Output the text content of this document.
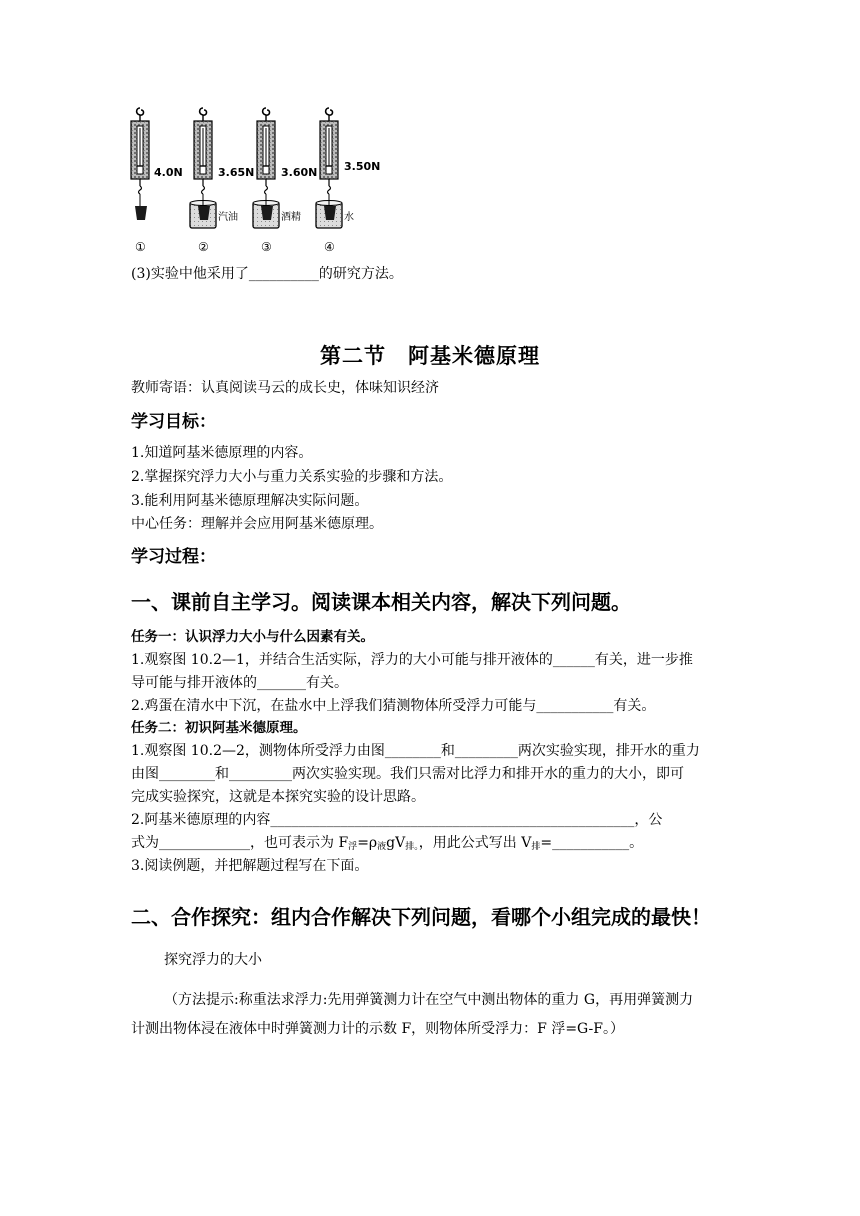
4.0N	3.65N 3.60N 3.50N
汽油	酒精	水
①	②	③	④
(3)实验中他采用了__________的研究方法。
第二节　阿基米德原理
教师寄语：认真阅读马云的成长史，体味知识经济
学习目标：
1.知道阿基米德原理的内容。
2.掌握探究浮力大小与重力关系实验的步骤和方法。
3.能利用阿基米德原理解决实际问题。
中心任务：理解并会应用阿基米德原理。
学习过程：
一、课前自主学习。阅读课本相关内容，解决下列问题。
任务一：认识浮力大小与什么因素有关。
1.观察图 10.2—1，并结合生活实际，浮力的大小可能与排开液体的______有关，进一步推
导可能与排开液体的_______有关。
2.鸡蛋在清水中下沉，在盐水中上浮我们猜测物体所受浮力可能与___________有关。
任务二：初识阿基米德原理。
1.观察图 10.2—2，测物体所受浮力由图________和_________两次实验实现，排开水的重力
由图________和_________两次实验实现。我们只需对比浮力和排开水的重力的大小，即可
完成实验探究，这就是本探究实验的设计思路。
2.阿基米德原理的内容____________________________________________________，公
式为_____________，也可表示为 $F_浮=\rho_液gV_{排。}$，用此公式写出 $V_排=\_\_\_\_\_\_\_\_\_\_\_$。
3.阅读例题，并把解题过程写在下面。
二、合作探究：组内合作解决下列问题，看哪个小组完成的最快！
探究浮力的大小
（方法提示:称重法求浮力:先用弹簧测力计在空气中测出物体的重力 G，再用弹簧测力
计测出物体浸在液体中时弹簧测力计的示数 F，则物体所受浮力：F 浮=G-F。）
